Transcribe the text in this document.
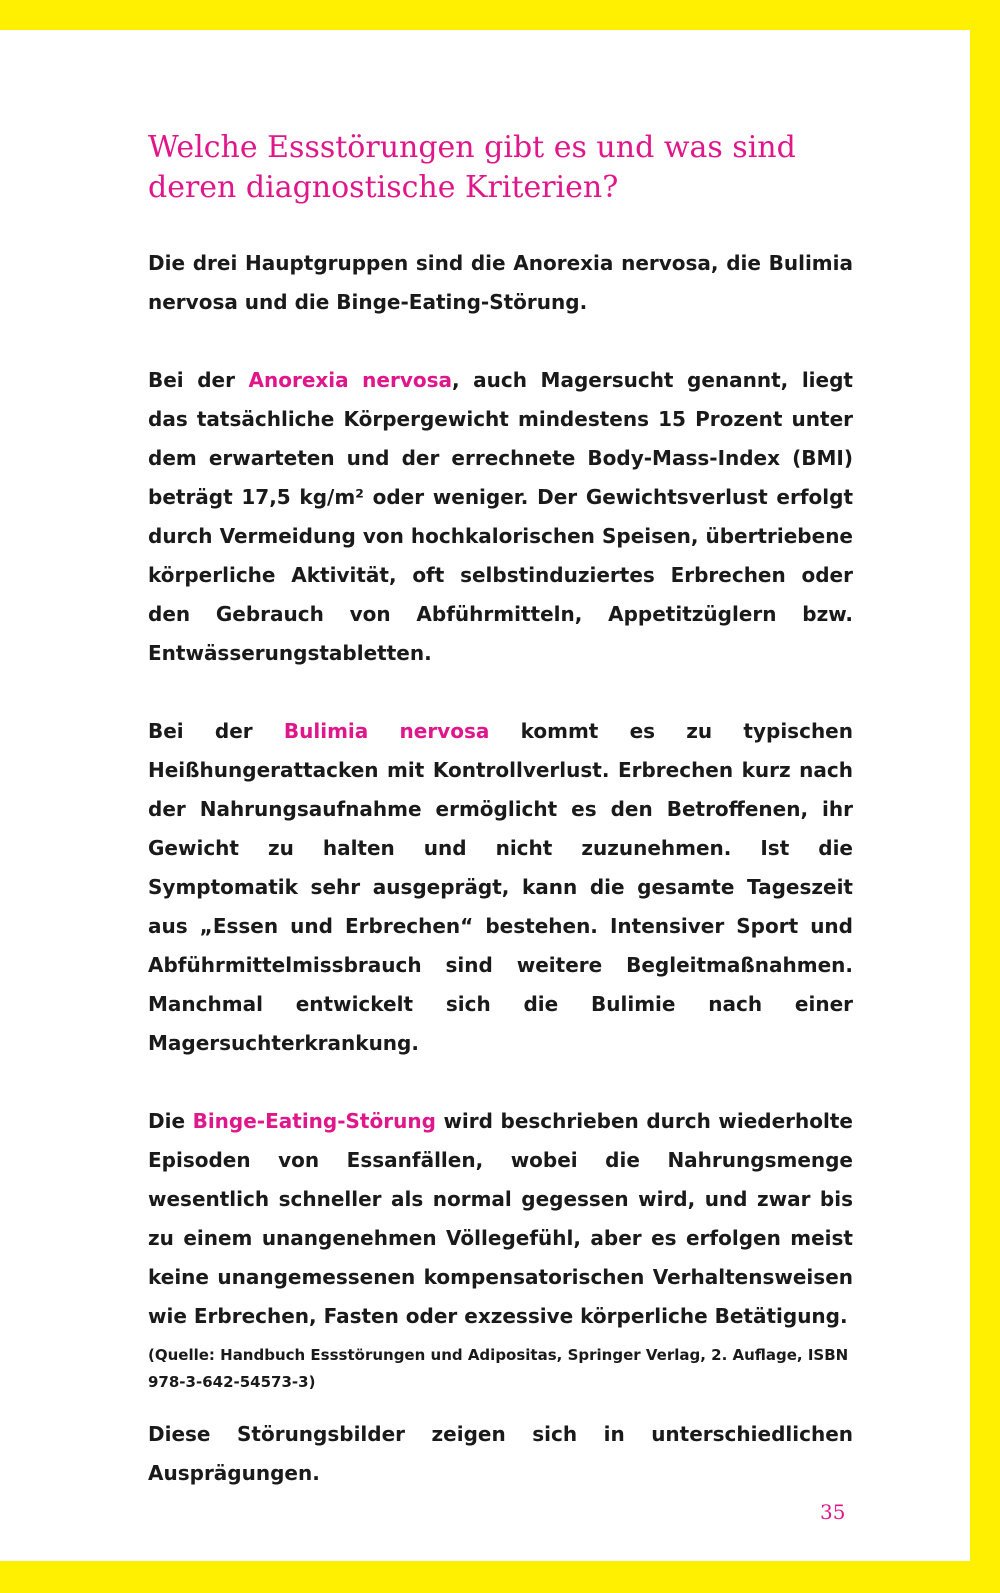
Welche Essstörungen gibt es und was sind deren diagnostische Kriterien?

Die drei Hauptgruppen sind die Anorexia nervosa, die Bulimia nervosa und die Binge-Eating-Störung.

Bei der Anorexia nervosa, auch Magersucht genannt, liegt das tatsächliche Körpergewicht mindestens 15 Prozent unter dem erwarteten und der errechnete Body-Mass-Index (BMI) beträgt 17,5 kg/m² oder weniger. Der Gewichtsverlust erfolgt durch Vermeidung von hochkalorischen Speisen, übertriebene körperliche Aktivität, oft selbstinduziertes Erbrechen oder den Gebrauch von Abführmitteln, Appetitzüglern bzw. Entwässerungstabletten.

Bei der Bulimia nervosa kommt es zu typischen Heißhungerattacken mit Kontrollverlust. Erbrechen kurz nach der Nahrungsaufnahme ermöglicht es den Betroffenen, ihr Gewicht zu halten und nicht zuzunehmen. Ist die Symptomatik sehr ausgeprägt, kann die gesamte Tageszeit aus „Essen und Erbrechen“ bestehen. Intensiver Sport und Abführmittelmissbrauch sind weitere Begleitmaßnahmen. Manchmal entwickelt sich die Bulimie nach einer Magersuchterkrankung.

Die Binge-Eating-Störung wird beschrieben durch wiederholte Episoden von Essanfällen, wobei die Nahrungsmenge wesentlich schneller als normal gegessen wird, und zwar bis zu einem unangenehmen Völlegefühl, aber es erfolgen meist keine unangemessenen kompensatorischen Verhaltensweisen wie Erbrechen, Fasten oder exzessive körperliche Betätigung.

(Quelle: Handbuch Essstörungen und Adipositas, Springer Verlag, 2. Auflage, ISBN 978-3-642-54573-3)

Diese Störungsbilder zeigen sich in unterschiedlichen Ausprägungen.

35
